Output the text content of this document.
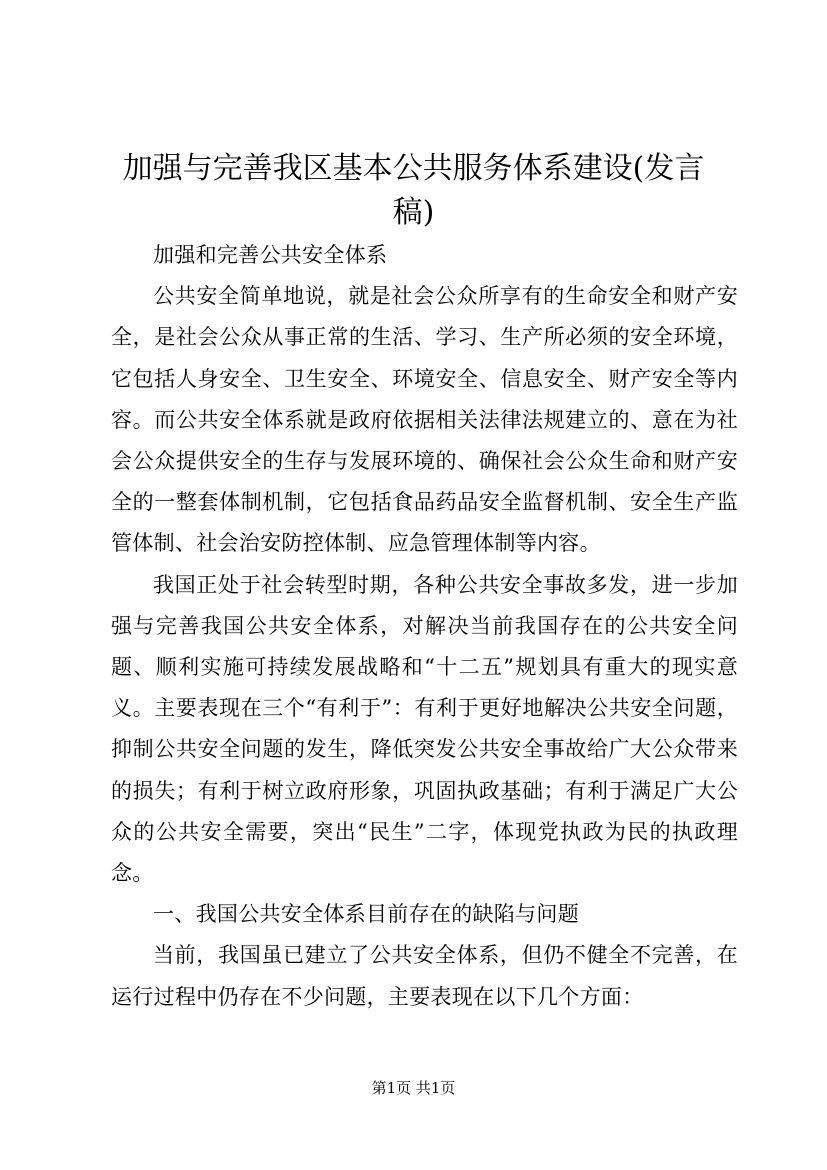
加强与完善我区基本公共服务体系建设(发言稿)

加强和完善公共安全体系

公共安全简单地说，就是社会公众所享有的生命安全和财产安全，是社会公众从事正常的生活、学习、生产所必须的安全环境，它包括人身安全、卫生安全、环境安全、信息安全、财产安全等内容。而公共安全体系就是政府依据相关法律法规建立的、意在为社会公众提供安全的生存与发展环境的、确保社会公众生命和财产安全的一整套体制机制，它包括食品药品安全监督机制、安全生产监管体制、社会治安防控体制、应急管理体制等内容。

我国正处于社会转型时期，各种公共安全事故多发，进一步加强与完善我国公共安全体系，对解决当前我国存在的公共安全问题、顺利实施可持续发展战略和“十二五”规划具有重大的现实意义。主要表现在三个“有利于”：有利于更好地解决公共安全问题，抑制公共安全问题的发生，降低突发公共安全事故给广大公众带来的损失；有利于树立政府形象，巩固执政基础；有利于满足广大公众的公共安全需要，突出“民生”二字，体现党执政为民的执政理念。

一、我国公共安全体系目前存在的缺陷与问题

当前，我国虽已建立了公共安全体系，但仍不健全不完善，在运行过程中仍存在不少问题，主要表现在以下几个方面：

第1页 共1页
